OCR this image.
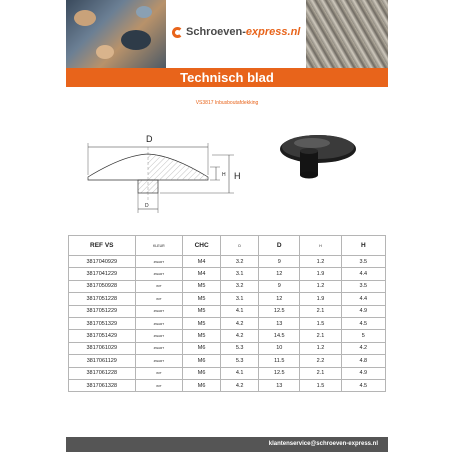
Schroeven-express.nl
Technisch blad
VS3817 Inbusboutafdekking
D
D
H H
REF VS	KLEUR	CHC	D	D	H	H
3817040929	ZWART	M4	3.2	9	1.2	3.5
3817041229	ZWART	M4	3.1	12	1.9	4.4
3817050928	WIT	M5	3.2	9	1.2	3.5
3817051228	WIT	M5	3.1	12	1.9	4.4
3817051229	ZWART	M5	4.1	12.5	2.1	4.9
3817051329	ZWART	M5	4.2	13	1.5	4.5
3817051429	ZWART	M5	4.2	14.5	2.1	5
3817061029	ZWART	M6	5.3	10	1.2	4.2
3817061129	ZWART	M6	5.3	11.5	2.2	4.8
3817061228	WIT	M6	4.1	12.5	2.1	4.9
3817061328	WIT	M6	4.2	13	1.5	4.5
klantenservice@schroeven-express.nl
